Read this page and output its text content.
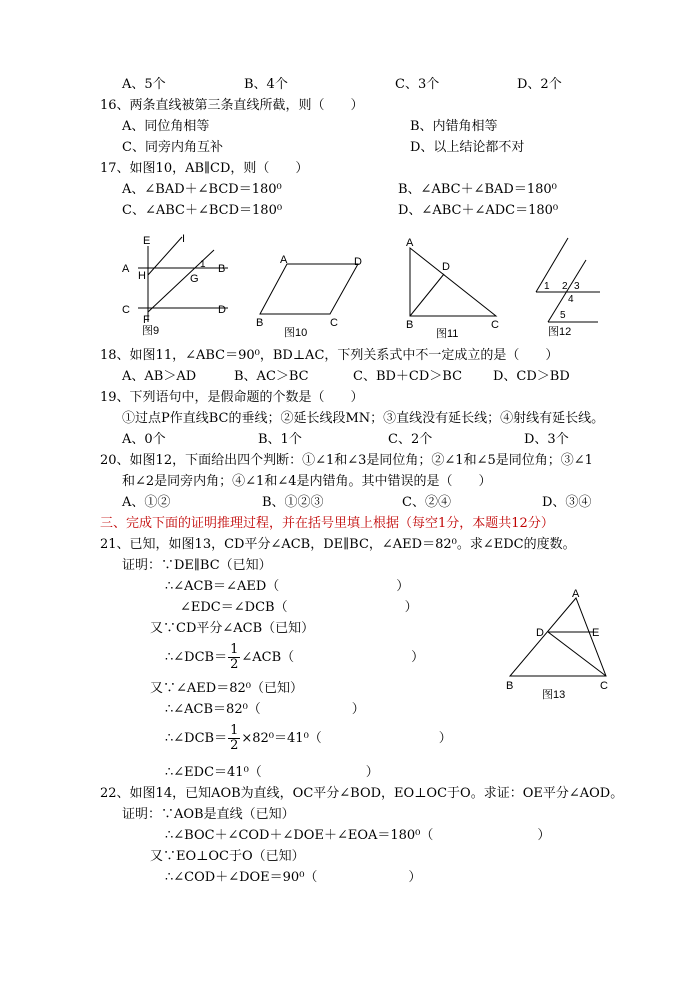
A、5个	B、4个	C、3个	D、2个
16、两条直线被第三条直线所截，则（　　）
A、同位角相等	B、内错角相等
C、同旁内角互补	D、以上结论都不对
17、如图10，AB∥CD，则（　　）
A、∠BAD＋∠BCD＝180⁰	B、∠ABC＋∠BAD＝180⁰
C、∠ABC＋∠BCD＝180⁰	D、∠ABC＋∠ADC＝180⁰
E	I
A
H
1 B
G
C	D
F
图9
A	D
B	C
图10
A
D
B	C
图11
1 2 3
4
5
图12
18、如图11，∠ABC＝90⁰，BD⊥AC，下列关系式中不一定成立的是（　　）
A、AB＞AD	B、AC＞BC	C、BD＋CD＞BC D、CD＞BD
19、下列语句中，是假命题的个数是（　　）
①过点P作直线BC的垂线；②延长线段MN；③直线没有延长线；④射线有延长线。
A、0个	B、1个	C、2个	D、3个
20、如图12，下面给出四个判断：①∠1和∠3是同位角；②∠1和∠5是同位角；③∠1
和∠2是同旁内角；④∠1和∠4是内错角。其中错误的是（　　）
A、①②	B、①②③	C、②④	D、③④
三、完成下面的证明推理过程，并在括号里填上根据（每空1分，本题共12分）
21、已知，如图13，CD平分∠ACB，DE∥BC，∠AED＝82⁰。求∠EDC的度数。
证明：∵DE∥BC（已知）
∴∠ACB＝∠AED（　　　　　　　　　）
∠EDC＝∠DCB（　　　　　　　　　）
又∵CD平分∠ACB（已知）
∴∠DCB＝ $\frac{1}{2}$ ∠ACB（　　　　　　　　　）
又∵∠AED＝82⁰（已知）
∴∠ACB＝82⁰（　　　　　　　）
∴∠DCB＝ $\frac{1}{2} \times 82^0=41^0$（　　　　　　　　　）
∴∠EDC＝41⁰（　　　　　　　　）
A
D	E
B	C
图13
22、如图14，已知AOB为直线，OC平分∠BOD，EO⊥OC于O。求证：OE平分∠AOD。
证明：∵AOB是直线（已知）
∴∠BOC＋∠COD＋∠DOE＋∠EOA＝180⁰（　　　　　　　　）
又∵EO⊥OC于O（已知）
∴∠COD＋∠DOE＝90⁰（　　　　　　　）
